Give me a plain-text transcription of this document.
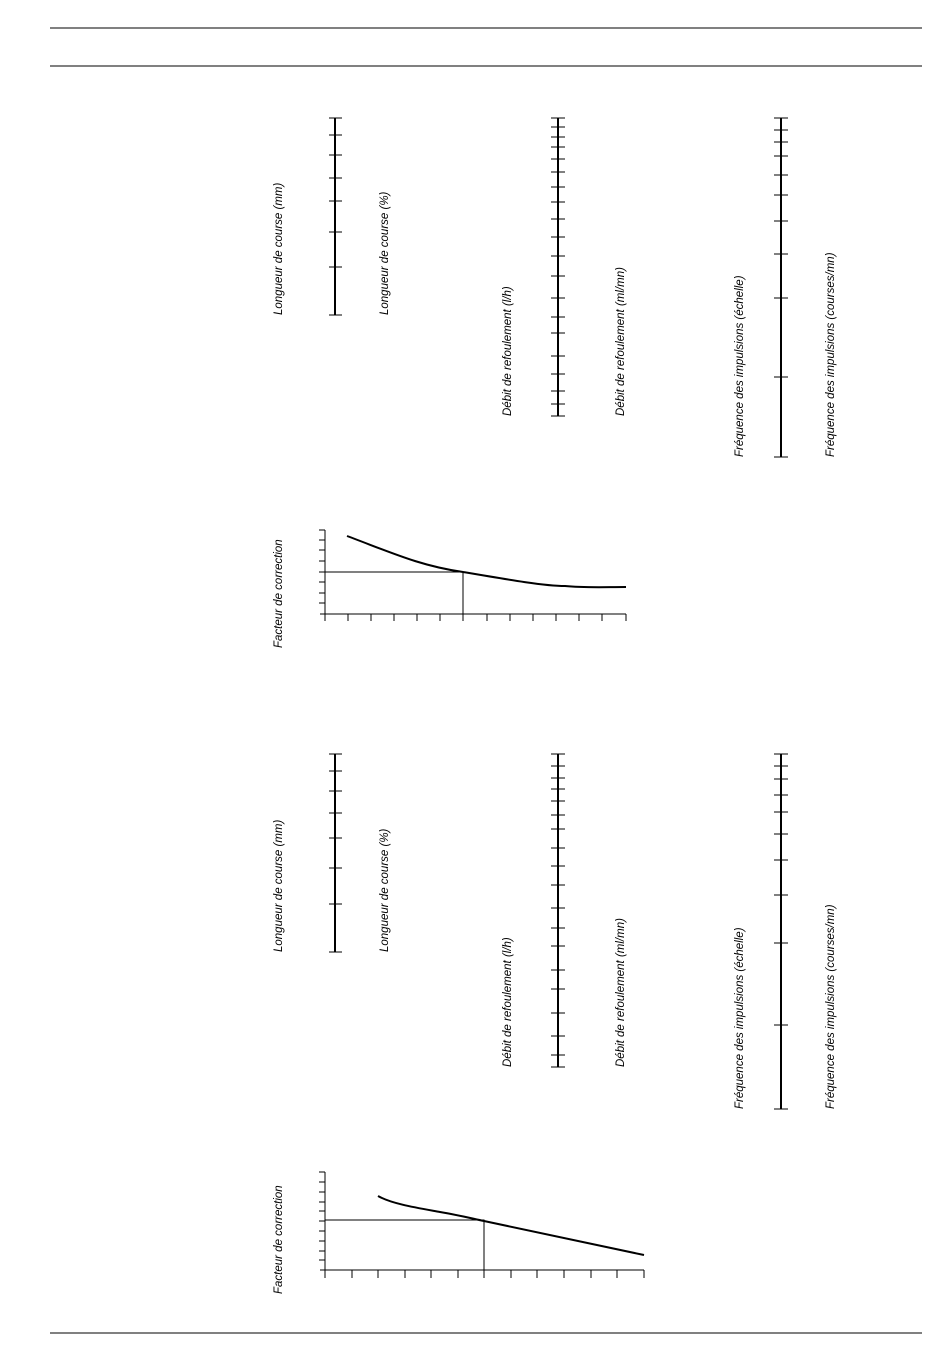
Longueur de course (mm)	Longueur de course (%)
Débit de refoulement (l/h)	Débit de refoulement (ml/mn)	Fréquence des impulsions (échelle)	Fréquence des impulsions (courses/mn)
Facteur de correction
Longueur de course (mm)	Longueur de course (%)
Débit de refoulement (l/h)	Débit de refoulement (ml/mn)	Fréquence des impulsions (échelle)	Fréquence des impulsions (courses/mn)
Facteur de correction
